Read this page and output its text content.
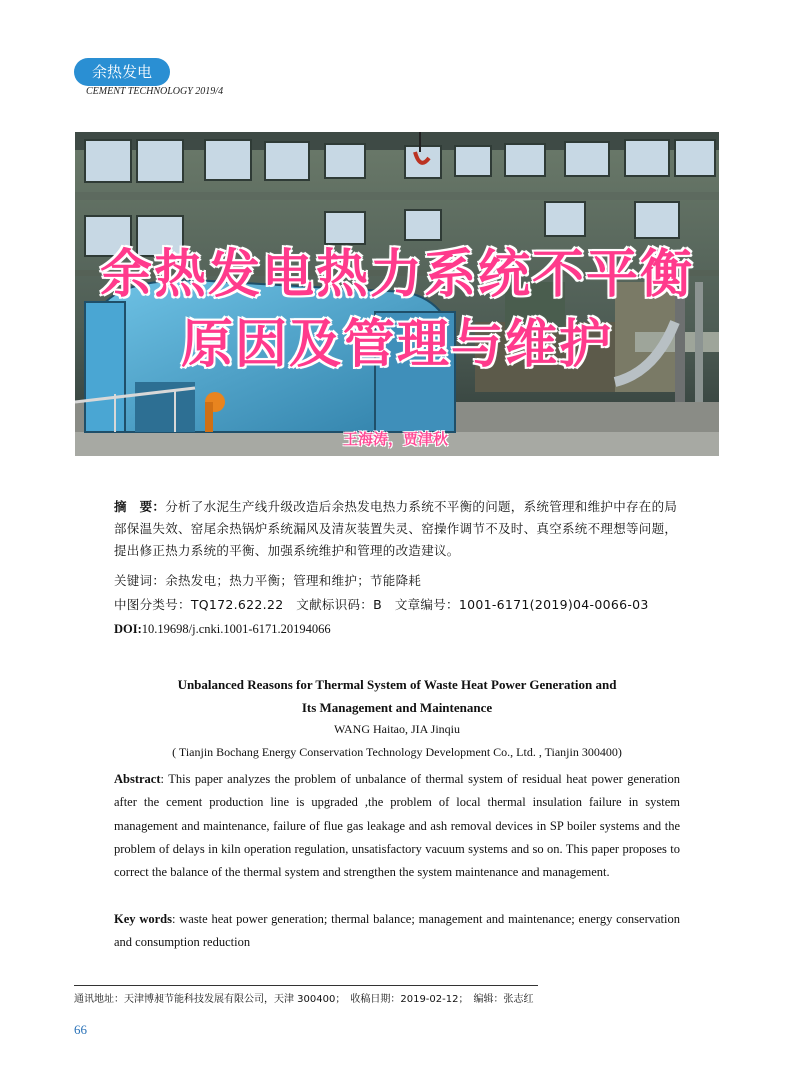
余热发电
CEMENT TECHNOLOGY 2019/4
余热发电热力系统不平衡
原因及管理与维护
王海涛，贾津秋
摘　要：分析了水泥生产线升级改造后余热发电热力系统不平衡的问题，系统管理和维护中存在的局部保温失效、窑尾余热锅炉系统漏风及清灰装置失灵、窑操作调节不及时、真空系统不理想等问题，提出修正热力系统的平衡、加强系统维护和管理的改造建议。
关键词：余热发电；热力平衡；管理和维护；节能降耗
中图分类号：TQ172.622.22 文献标识码：B 文章编号：1001-6171(2019)04-0066-03
DOI:10.19698/j.cnki.1001-6171.20194066
Unbalanced Reasons for Thermal System of Waste Heat Power Generation and
Its Management and Maintenance
WANG Haitao, JIA Jinqiu
( Tianjin Bochang Energy Conservation Technology Development Co., Ltd. , Tianjin 300400)
Abstract: This paper analyzes the problem of unbalance of thermal system of residual heat power generation after the cement production line is upgraded ,the problem of local thermal insulation failure in system management and maintenance, failure of flue gas leakage and ash removal devices in SP boiler systems and the problem of delays in kiln operation regulation, unsatisfactory vacuum systems and so on. This paper proposes to correct the balance of the thermal system and strengthen the system maintenance and management.
Key words: waste heat power generation; thermal balance; management and maintenance; energy conservation and consumption reduction
通讯地址：天津博昶节能科技发展有限公司，天津 300400；　收稿日期：2019-02-12；　编辑：张志红
66
